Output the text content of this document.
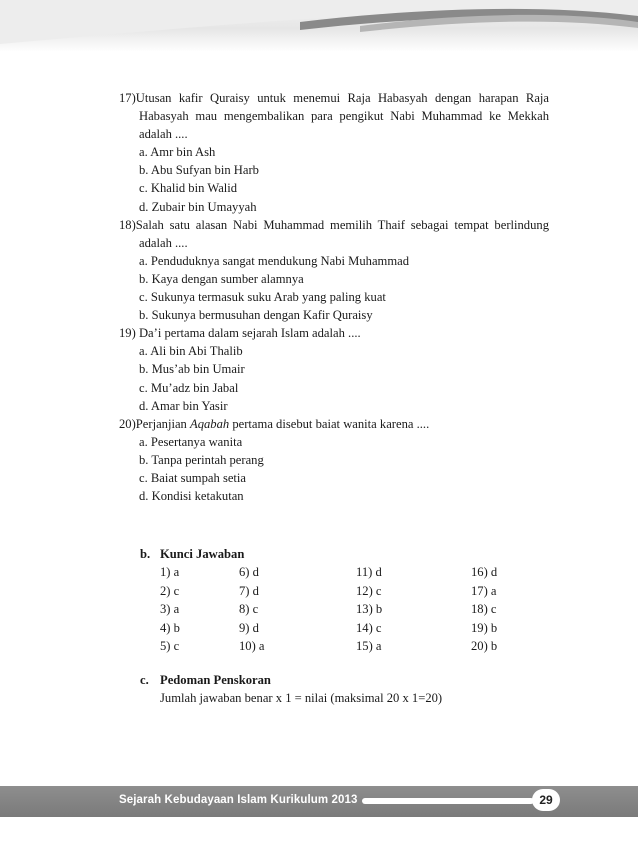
17)Utusan kafir Quraisy untuk menemui Raja Habasyah dengan harapan Raja Habasyah mau mengembalikan para pengikut Nabi Muhammad ke Mekkah adalah ....
a. Amr bin Ash
b. Abu Sufyan bin Harb
c. Khalid bin Walid
d. Zubair bin Umayyah
18)Salah satu alasan Nabi Muhammad memilih Thaif sebagai tempat berlindung adalah ....
a. Penduduknya sangat mendukung Nabi Muhammad
b. Kaya dengan sumber alamnya
c. Sukunya termasuk suku Arab yang paling kuat
b. Sukunya bermusuhan dengan Kafir Quraisy
19) Da’i pertama dalam sejarah Islam adalah ....
a. Ali bin Abi Thalib
b. Mus’ab bin Umair
c. Mu’adz bin Jabal
d. Amar bin Yasir
20)Perjanjian Aqabah pertama disebut baiat wanita karena ....
a. Pesertanya wanita
b. Tanpa perintah perang
c. Baiat sumpah setia
d. Kondisi ketakutan
b. Kunci Jawaban
1) a	6) d	11) d	16) d
2) c	7) d	12) c	17) a
3) a	8) c	13) b	18) c
4) b	9) d	14) c	19) b
5) c	10) a	15) a	20) b
c. Pedoman Penskoran
Jumlah jawaban benar x 1 = nilai (maksimal 20 x 1=20)
Sejarah Kebudayaan Islam Kurikulum 2013	29
